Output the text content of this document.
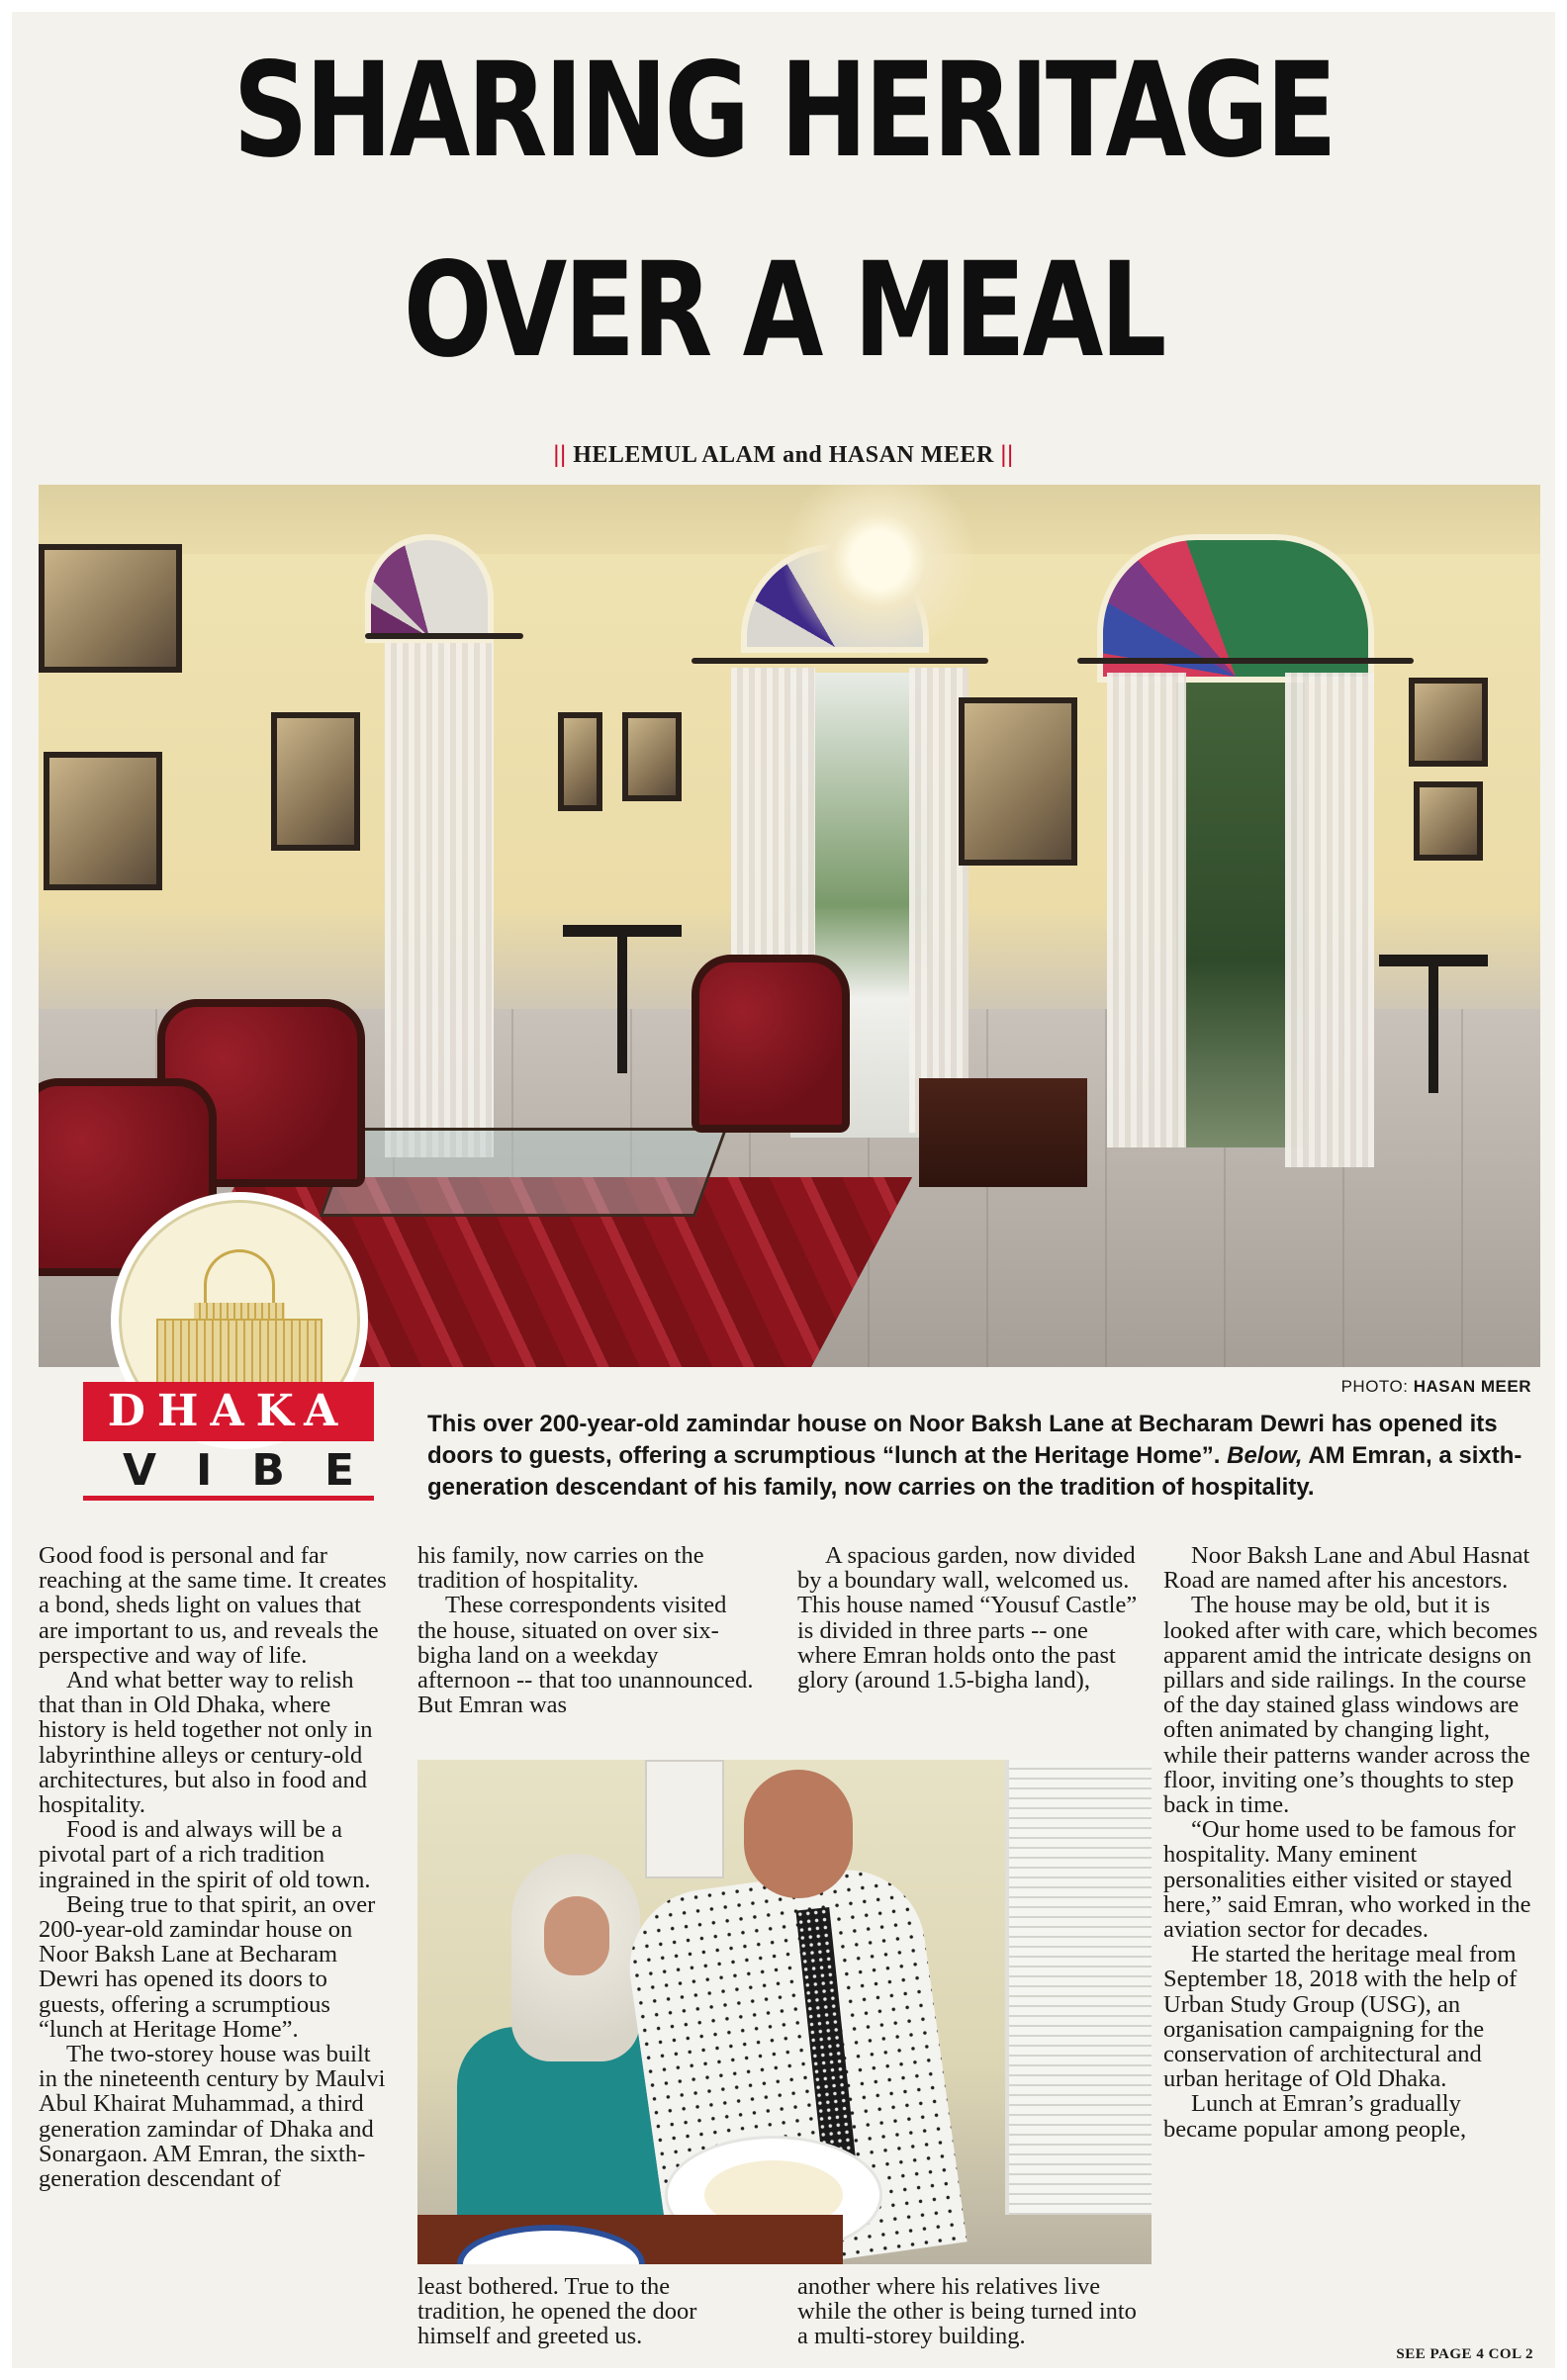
SHARING HERITAGE
OVER A MEAL
|| HELEMUL ALAM and HASAN MEER ||
DHAKA
VIBE
PHOTO: HASAN MEER
This over 200-year-old zamindar house on Noor Baksh Lane at Becharam Dewri has opened its doors to guests, offering a scrumptious “lunch at the Heritage Home”. Below, AM Emran, a sixth-generation descendant of his family, now carries on the tradition of hospitality.

Good food is personal and far reaching at the same time. It creates a bond, sheds light on values that are important to us, and reveals the perspective and way of life.

And what better way to relish that than in Old Dhaka, where history is held together not only in labyrinthine alleys or century-old architectures, but also in food and hospitality.

Food is and always will be a pivotal part of a rich tradition ingrained in the spirit of old town.

Being true to that spirit, an over 200-year-old zamindar house on Noor Baksh Lane at Becharam Dewri has opened its doors to guests, offering a scrumptious “lunch at Heritage Home”.

The two-storey house was built in the nineteenth century by Maulvi Abul Khairat Muhammad, a third generation zamindar of Dhaka and Sonargaon. AM Emran, the sixth-generation descendant of

his family, now carries on the tradition of hospitality.

These correspondents visited the house, situated on over six-bigha land on a weekday afternoon -- that too unannounced. But Emran was

A spacious garden, now divided by a boundary wall, welcomed us. This house named “Yousuf Castle” is divided in three parts -- one where Emran holds onto the past glory (around 1.5-bigha land),

least bothered. True to the tradition, he opened the door himself and greeted us.

another where his relatives live while the other is being turned into a multi-storey building.

Noor Baksh Lane and Abul Hasnat Road are named after his ancestors.

The house may be old, but it is looked after with care, which becomes apparent amid the intricate designs on pillars and side railings. In the course of the day stained glass windows are often animated by changing light, while their patterns wander across the floor, inviting one’s thoughts to step back in time.

“Our home used to be famous for hospitality. Many eminent personalities either visited or stayed here,” said Emran, who worked in the aviation sector for decades.

He started the heritage meal from September 18, 2018 with the help of Urban Study Group (USG), an organisation campaigning for the conservation of architectural and urban heritage of Old Dhaka.

Lunch at Emran’s gradually became popular among people,

SEE PAGE 4 COL 2
